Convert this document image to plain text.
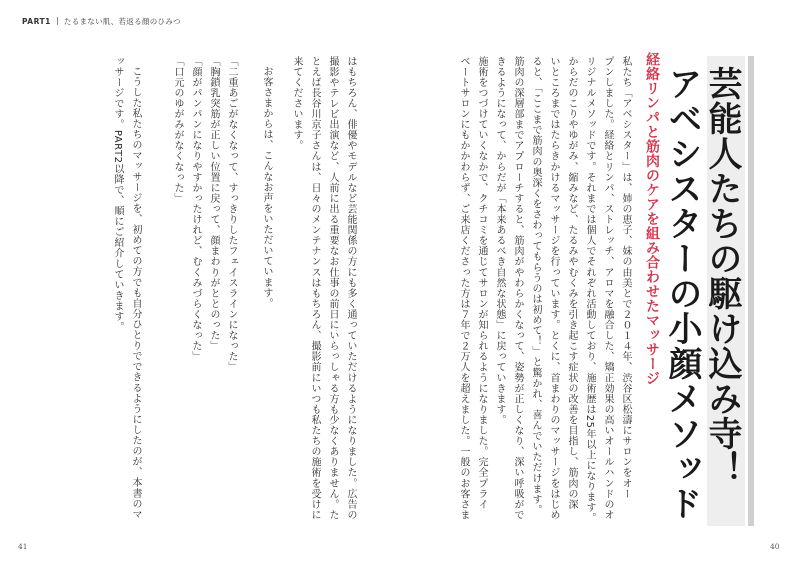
PART1 たるまない肌、若返る顔のひみつ
芸能人たちの駆け込み寺！
アベシスターの小顔メソッド
経絡リンパと筋肉のケアを組み合わせたマッサージ
私たち「アベシスター」は、姉の恵子、妹の由美とで２０１４年、渋谷区松濤にサロンをオー
プンしました。経絡とリンパ、ストレッチ、アロマを融合した、矯正効果の高いオールハンドのオ
リジナルメソッドです。それまでは個人でそれぞれ活動しており、施術歴は25年以上になります。
からだのこりやゆがみ、縮みなど、たるみやむくみを引き起こす症状の改善を目指し、筋肉の深
いところまではたらきかけるマッサージを行っています。とくに、首まわりのマッサージをはじめ
ると、「ここまで筋肉の奥深くをさわってもらうのは初めて！」と驚かれ、喜んでいただけます。
筋肉の深層部までアプローチすると、筋肉がやわらかくなって、姿勢が正しくなり、深い呼吸がで
きるようになって、からだが「本来あるべき自然な状態」に戻っていきます。
施術をつづけていくなかで、クチコミを通じてサロンが知られるようになりました。完全プライ
ベートサロンにもかかわらず、ご来店くださった方は７年で２万人を超えました。一般のお客さま
はもちろん、俳優やモデルなど芸能関係の方にも多く通っていただけるようになりました。広告の
撮影やテレビ出演など、人前に出る重要なお仕事の前日にいらっしゃる方も少なくありません。た
とえば長谷川京子さんは、日々のメンテナンスはもちろん、撮影前にいつも私たちの施術を受けに
来てくださいます。
お客さまからは、こんなお声をいただいています。
「二重あごがなくなって、すっきりしたフェイスラインになった」
「胸鎖乳突筋が正しい位置に戻って、顔まわりがととのった」
「顔がパンパンになりやすかったけれど、むくみづらくなった」
「口元のゆがみがなくなった」
こうした私たちのマッサージを、初めての方でも自分ひとりでできるようにしたのが、本書のマ
ッサージです。PART2以降で、順にご紹介していきます。
41	40
